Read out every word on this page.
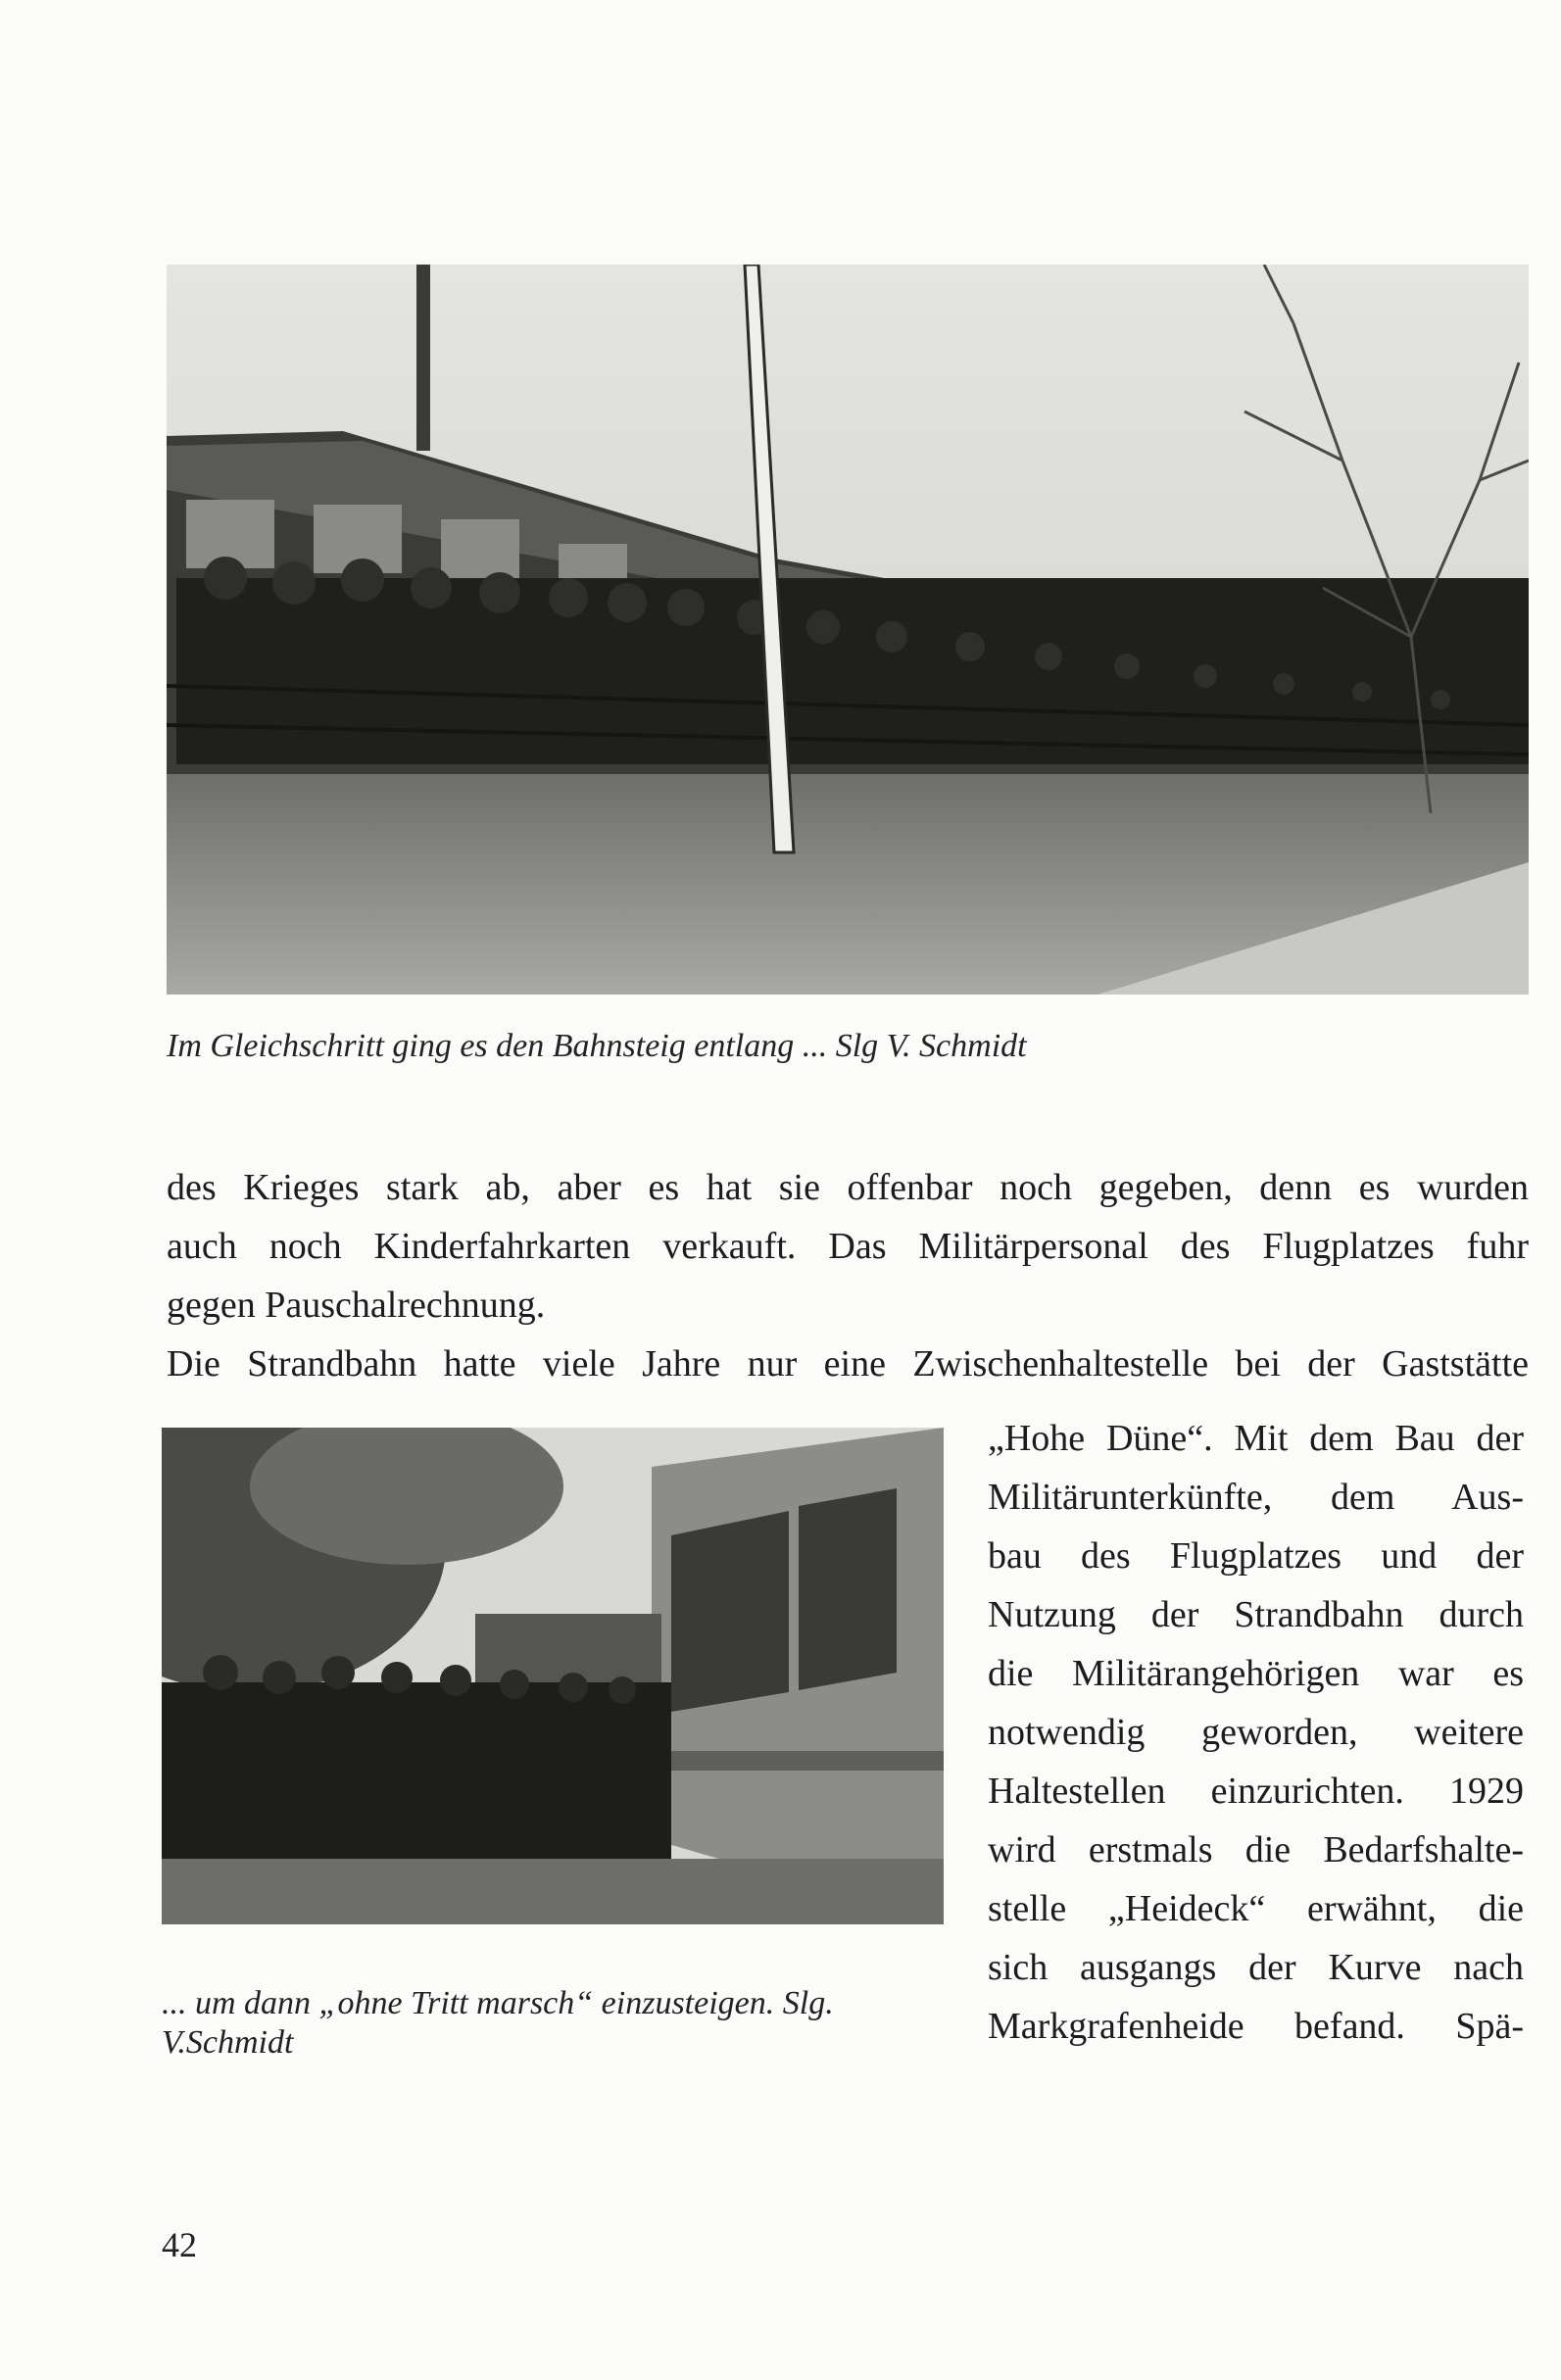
Im Gleichschritt ging es den Bahnsteig entlang ... Slg V. Schmidt

des Krieges stark ab, aber es hat sie offenbar noch gegeben, denn es wurden
auch noch Kinderfahrkarten verkauft. Das Militärpersonal des Flugplatzes fuhr
gegen Pauschalrechnung.
Die Strandbahn hatte viele Jahre nur eine Zwischenhaltestelle bei der Gaststätte
„Hohe Düne“. Mit dem Bau der
Militärunterkünfte, dem Aus-
bau des Flugplatzes und der
Nutzung der Strandbahn durch
die Militärangehörigen war es
notwendig geworden, weitere
Haltestellen einzurichten. 1929
wird erstmals die Bedarfshalte-
stelle „Heideck“ erwähnt, die
sich ausgangs der Kurve nach
Markgrafenheide befand. Spä-
... um dann „ohne Tritt marsch“ einzusteigen. Slg.
V.Schmidt
42
